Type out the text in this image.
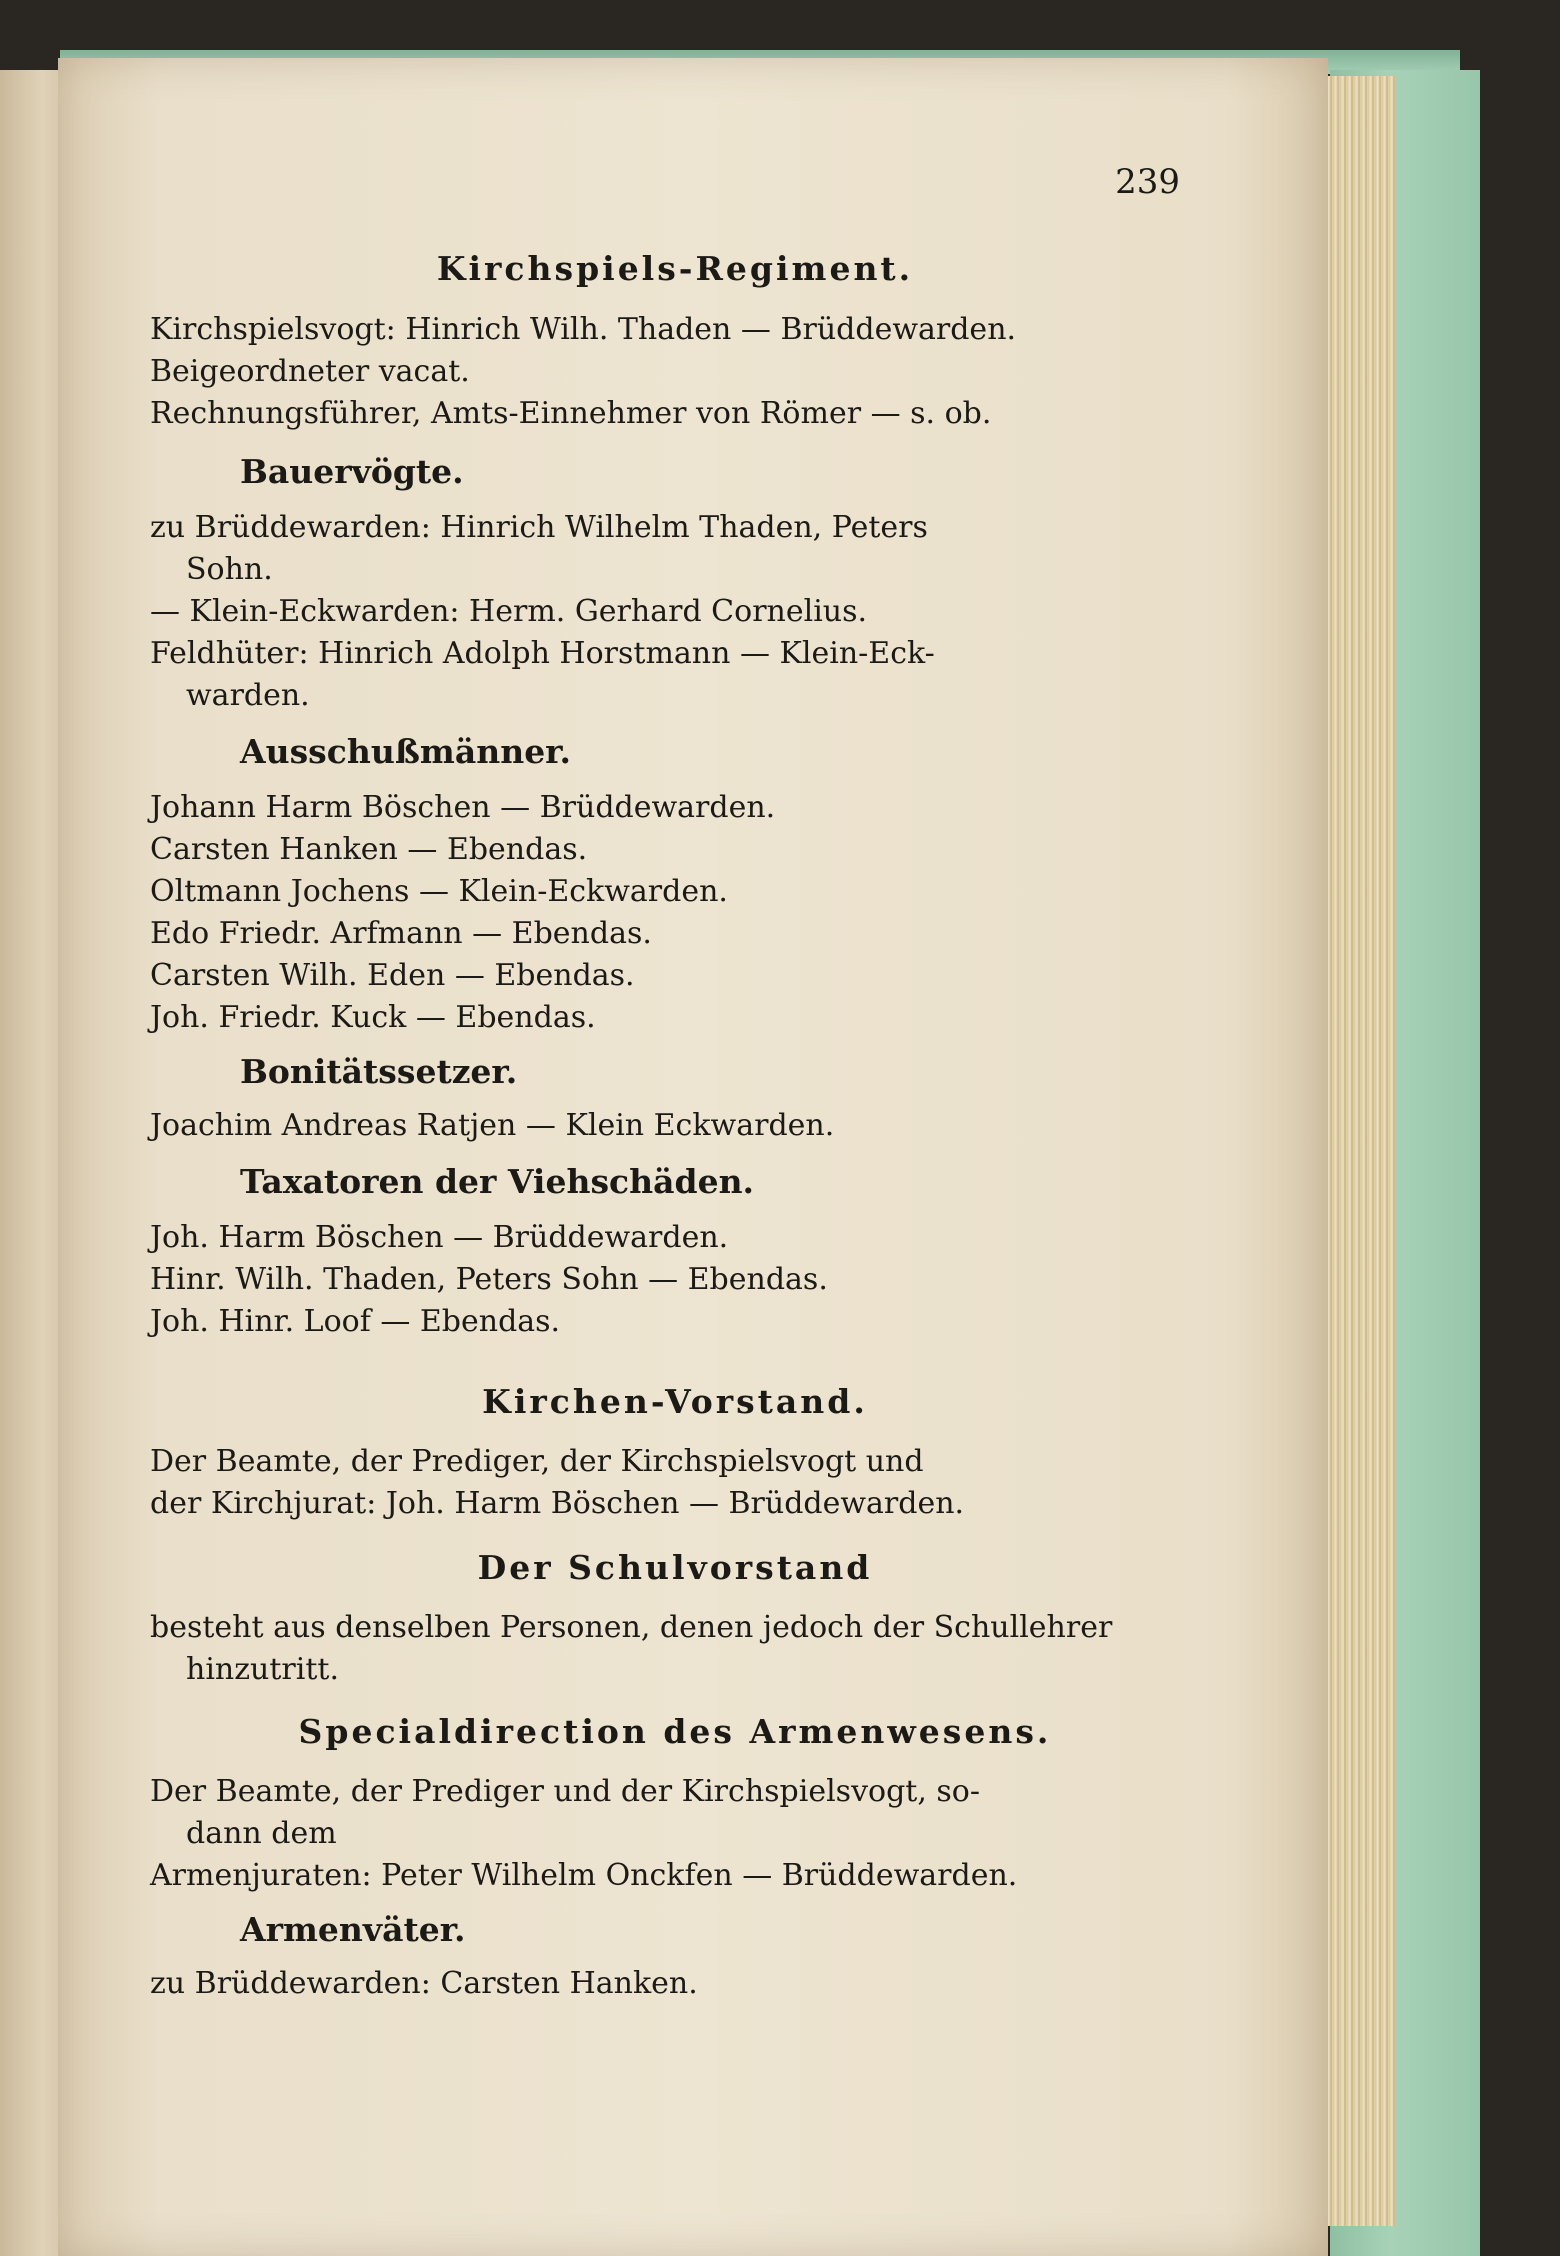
239
Kirchspiels-Regiment.
Kirchspielsvogt: Hinrich Wilh. Thaden — Brüddewarden.
Beigeordneter vacat.
Rechnungsführer, Amts-Einnehmer von Römer — s. ob.
Bauervögte.
zu Brüddewarden: Hinrich Wilhelm Thaden, Peters
Sohn.
— Klein-Eckwarden: Herm. Gerhard Cornelius.
Feldhüter: Hinrich Adolph Horstmann — Klein-Eck-
warden.
Ausschußmänner.
Johann Harm Böschen — Brüddewarden.
Carsten Hanken — Ebendas.
Oltmann Jochens — Klein-Eckwarden.
Edo Friedr. Arfmann — Ebendas.
Carsten Wilh. Eden — Ebendas.
Joh. Friedr. Kuck — Ebendas.
Bonitätssetzer.
Joachim Andreas Ratjen — Klein Eckwarden.
Taxatoren der Viehschäden.
Joh. Harm Böschen — Brüddewarden.
Hinr. Wilh. Thaden, Peters Sohn — Ebendas.
Joh. Hinr. Loof — Ebendas.
Kirchen-Vorstand.
Der Beamte, der Prediger, der Kirchspielsvogt und
der Kirchjurat: Joh. Harm Böschen — Brüddewarden.
Der Schulvorstand
besteht aus denselben Personen, denen jedoch der Schullehrer
hinzutritt.
Specialdirection des Armenwesens.
Der Beamte, der Prediger und der Kirchspielsvogt, so-
dann dem
Armenjuraten: Peter Wilhelm Onckfen — Brüddewarden.
Armenväter.
zu Brüddewarden: Carsten Hanken.
